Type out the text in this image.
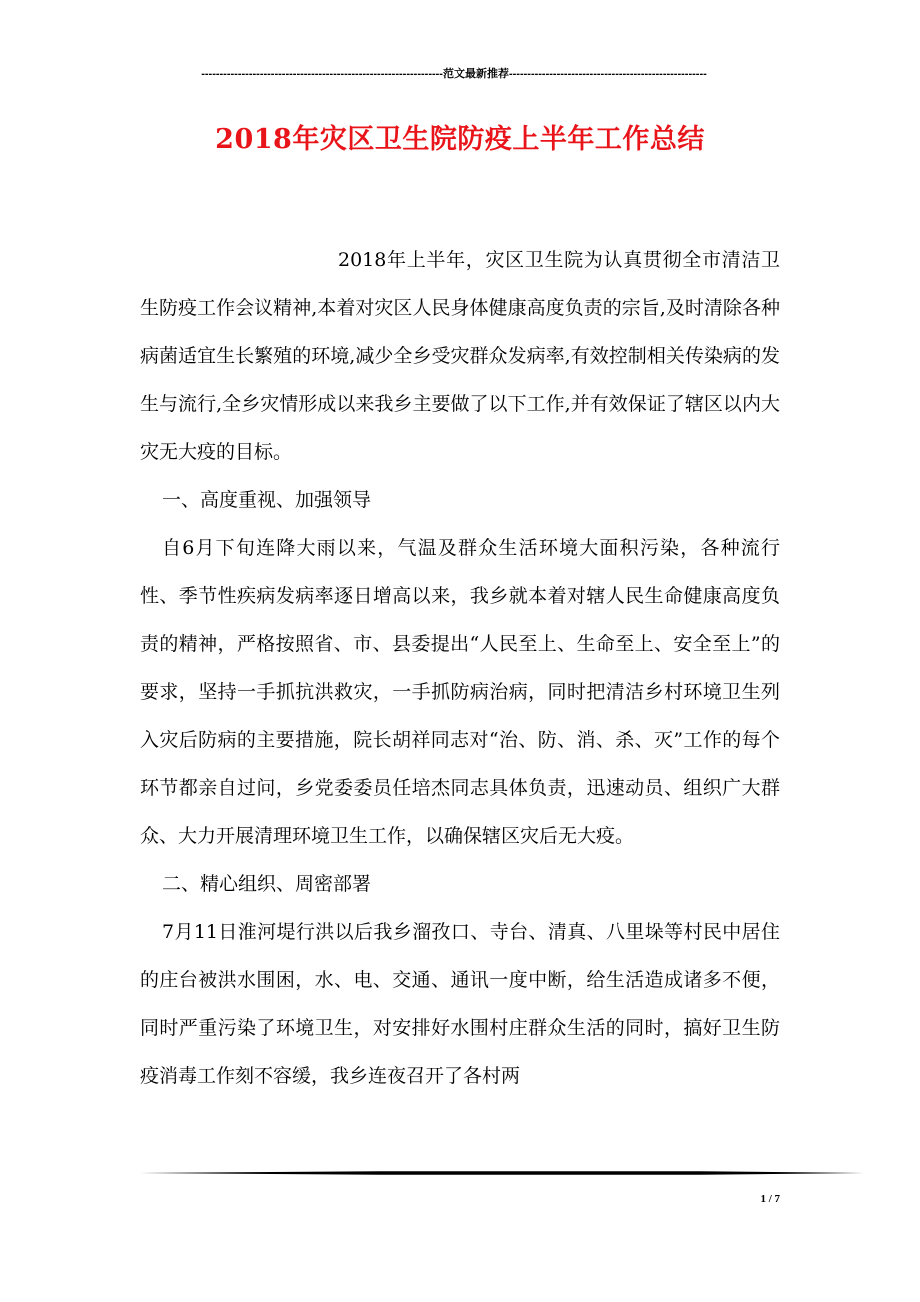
------------------------------------------------------------------范文最新推荐------------------------------------------------------
2018年灾区卫生院防疫上半年工作总结

2018年上半年，灾区卫生院为认真贯彻全市清洁卫生防疫工作会议精神,本着对灾区人民身体健康高度负责的宗旨,及时清除各种病菌适宜生长繁殖的环境,减少全乡受灾群众发病率,有效控制相关传染病的发生与流行,全乡灾情形成以来我乡主要做了以下工作,并有效保证了辖区以内大灾无大疫的目标。

一、高度重视、加强领导

自6月下旬连降大雨以来，气温及群众生活环境大面积污染，各种流行性、季节性疾病发病率逐日增高以来，我乡就本着对辖人民生命健康高度负责的精神，严格按照省、市、县委提出“人民至上、生命至上、安全至上”的要求，坚持一手抓抗洪救灾，一手抓防病治病，同时把清洁乡村环境卫生列入灾后防病的主要措施，院长胡祥同志对“治、防、消、杀、灭”工作的每个环节都亲自过问，乡党委委员任培杰同志具体负责，迅速动员、组织广大群众、大力开展清理环境卫生工作，以确保辖区灾后无大疫。

二、精心组织、周密部署

7月11日淮河堤行洪以后我乡溜孜口、寺台、清真、八里垛等村民中居住的庄台被洪水围困，水、电、交通、通讯一度中断，给生活造成诸多不便，同时严重污染了环境卫生，对安排好水围村庄群众生活的同时，搞好卫生防疫消毒工作刻不容缓，我乡连夜召开了各村两

1 / 7
